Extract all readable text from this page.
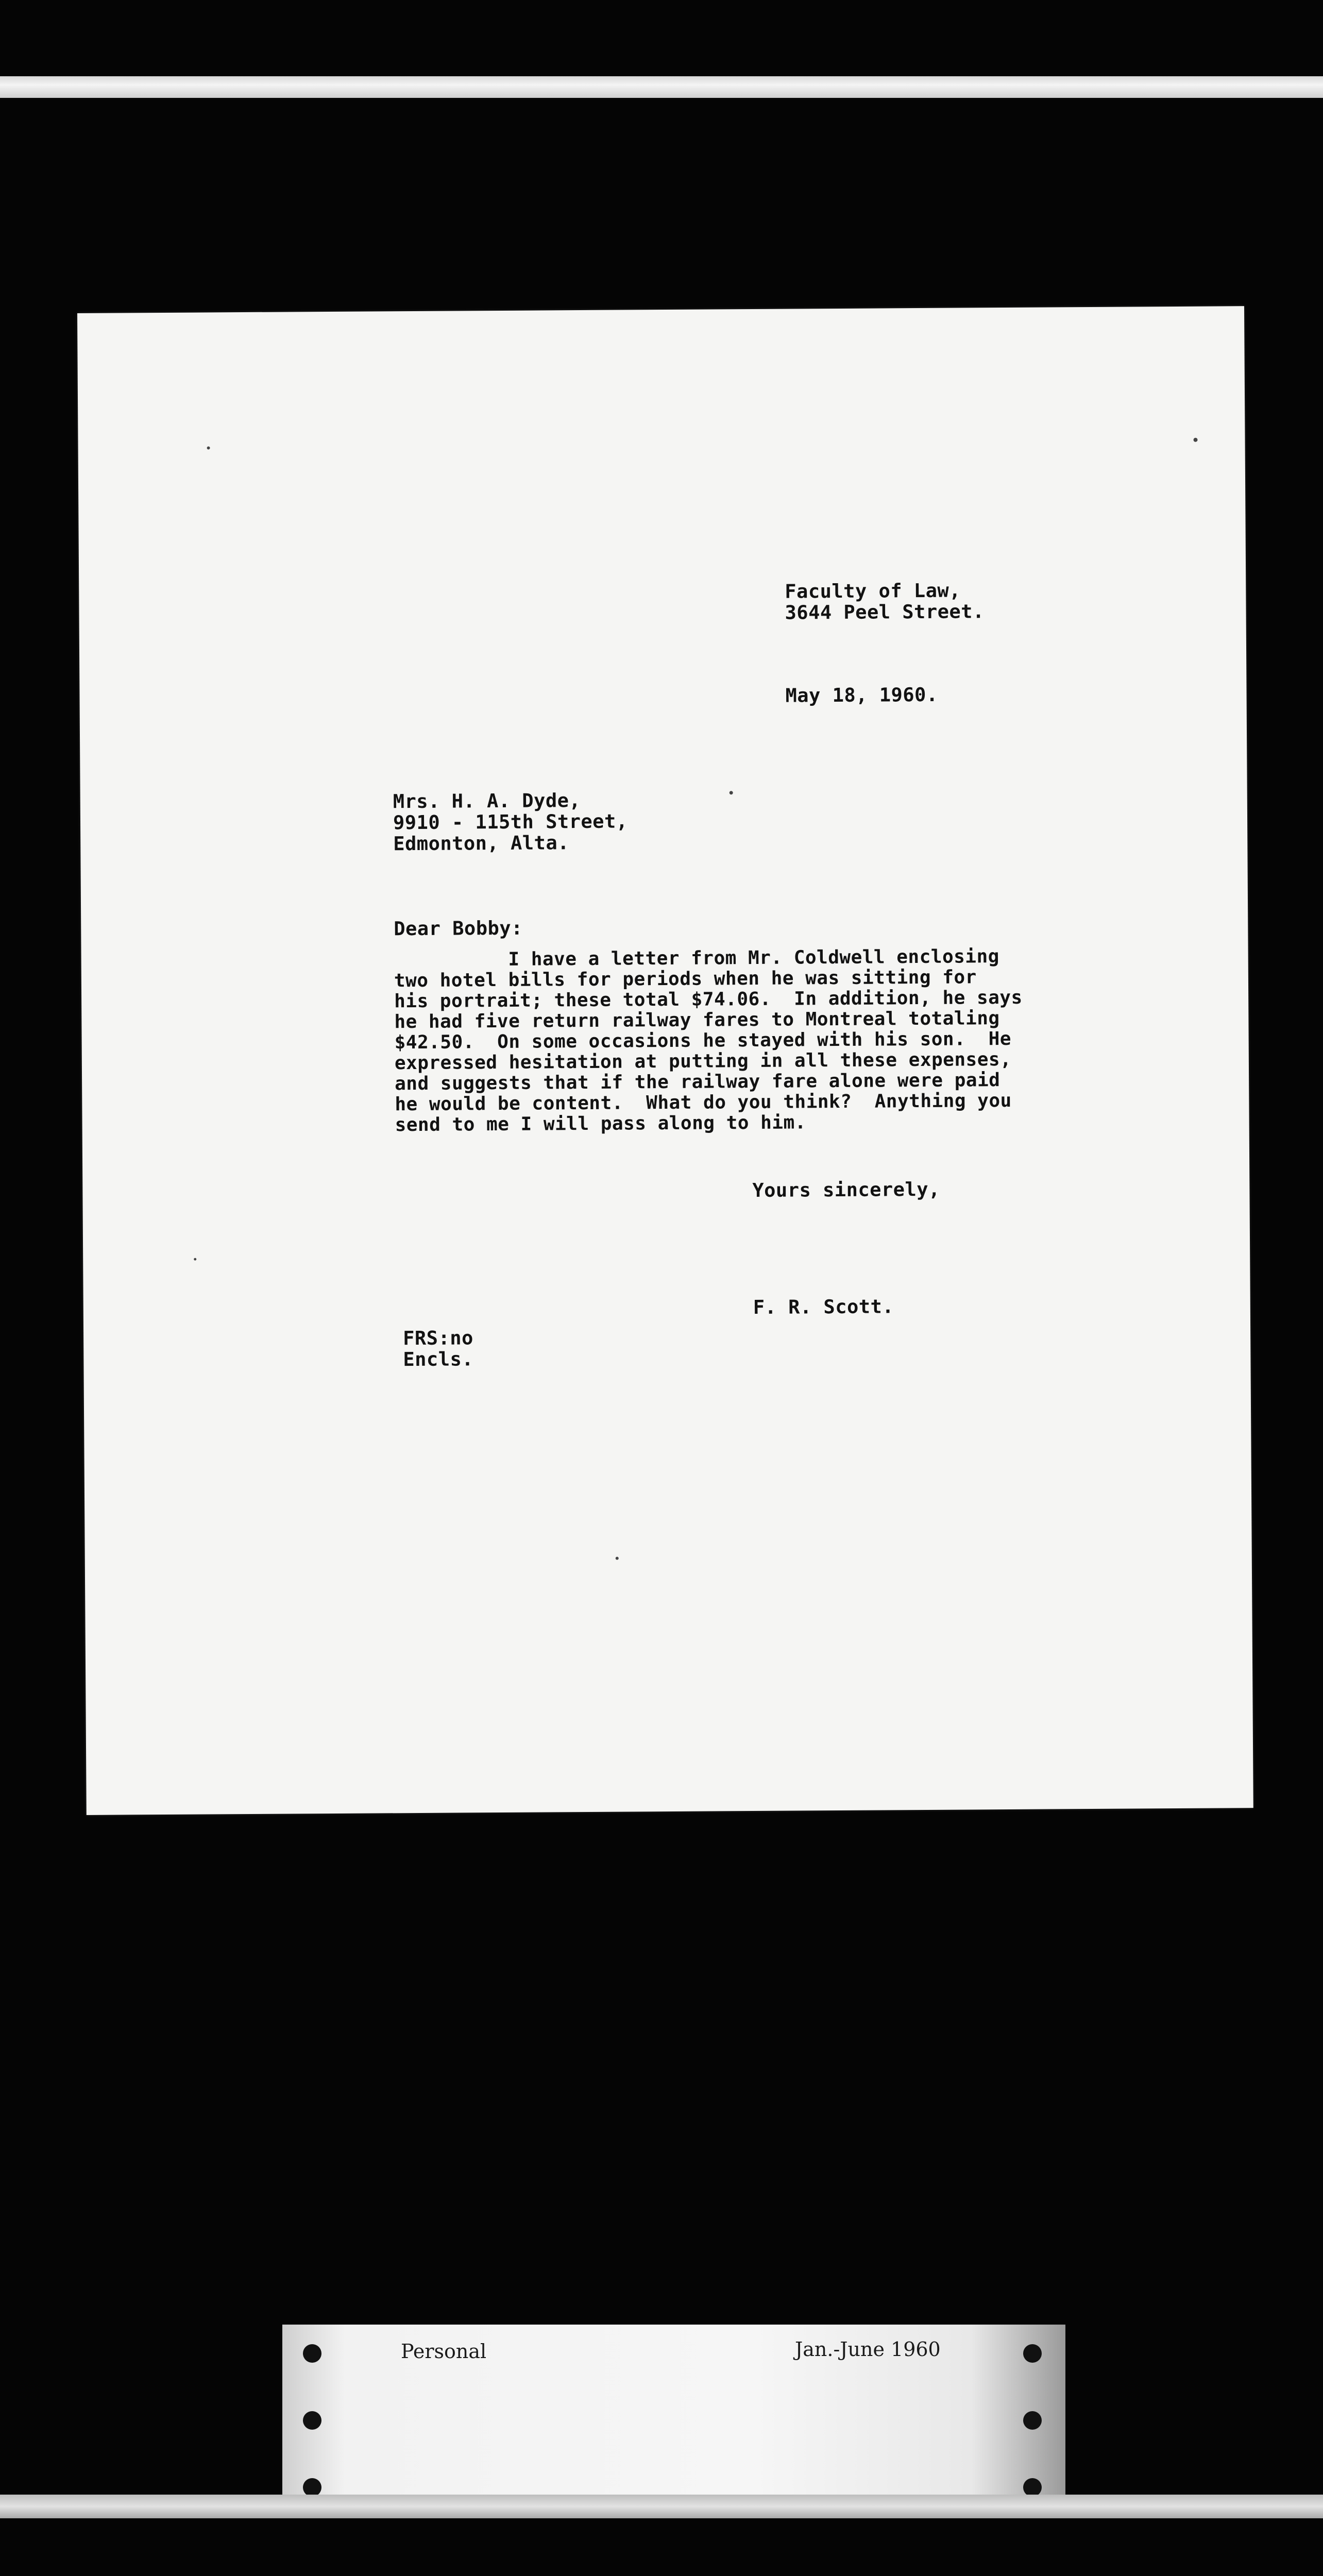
Faculty of Law,
3644 Peel Street.
May 18, 1960.
Mrs. H. A. Dyde,
9910 - 115th Street,
Edmonton, Alta.
Dear Bobby:
I have a letter from Mr. Coldwell enclosing
two hotel bills for periods when he was sitting for
his portrait; these total $74.06.  In addition, he says
he had five return railway fares to Montreal totaling
$42.50.  On some occasions he stayed with his son.  He
expressed hesitation at putting in all these expenses,
and suggests that if the railway fare alone were paid
he would be content.  What do you think?  Anything you
send to me I will pass along to him.
Yours sincerely,
F. R. Scott.
FRS:no
Encls.
Personal	Jan.-June 1960
